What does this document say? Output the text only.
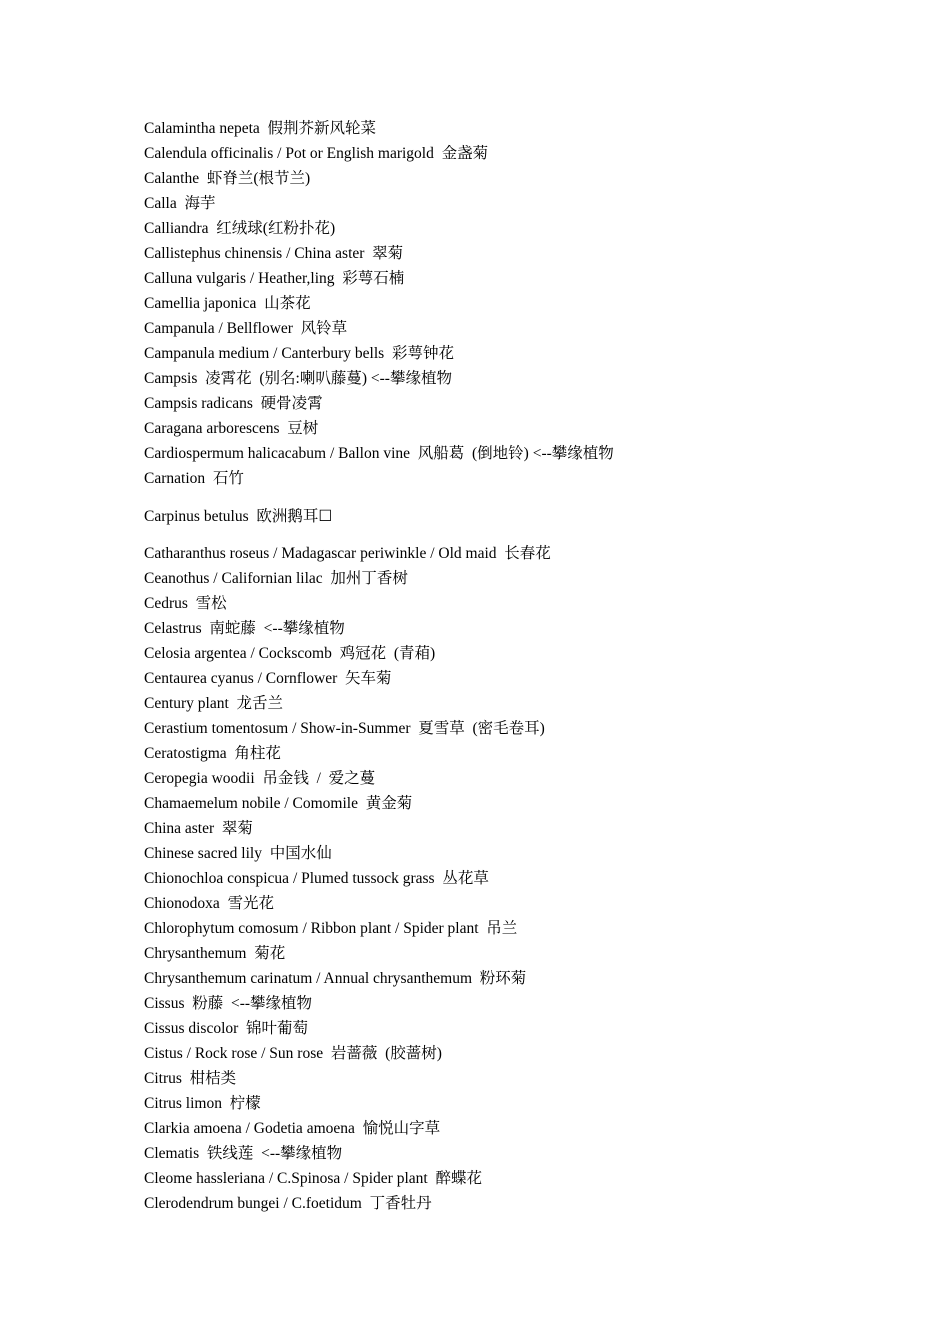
Calamintha nepeta  假荆芥新风轮菜
Calendula officinalis / Pot or English marigold  金盏菊
Calanthe  虾脊兰(根节兰)
Calla  海芋
Calliandra  红绒球(红粉扑花)
Callistephus chinensis / China aster  翠菊
Calluna vulgaris / Heather,ling  彩萼石楠
Camellia japonica  山茶花
Campanula / Bellflower  风铃草
Campanula medium / Canterbury bells  彩萼钟花
Campsis  凌霄花  (别名:喇叭藤蔓) <--攀缘植物
Campsis radicans  硬骨凌霄
Caragana arborescens  豆树
Cardiospermum halicacabum / Ballon vine  风船葛  (倒地铃) <--攀缘植物
Carnation  石竹
Carpinus betulus  欧洲鹅耳☐
Catharanthus roseus / Madagascar periwinkle / Old maid  长春花
Ceanothus / Californian lilac  加州丁香树
Cedrus  雪松
Celastrus  南蛇藤  <--攀缘植物
Celosia argentea / Cockscomb  鸡冠花  (青葙)
Centaurea cyanus / Cornflower  矢车菊
Century plant  龙舌兰
Cerastium tomentosum / Show-in-Summer  夏雪草  (密毛卷耳)
Ceratostigma  角柱花
Ceropegia woodii  吊金钱  /  爱之蔓
Chamaemelum nobile / Comomile  黄金菊
China aster  翠菊
Chinese sacred lily  中国水仙
Chionochloa conspicua / Plumed tussock grass  丛花草
Chionodoxa  雪光花
Chlorophytum comosum / Ribbon plant / Spider plant  吊兰
Chrysanthemum  菊花
Chrysanthemum carinatum / Annual chrysanthemum  粉环菊
Cissus  粉藤  <--攀缘植物
Cissus discolor  锦叶葡萄
Cistus / Rock rose / Sun rose  岩蔷薇  (胶蔷树)
Citrus  柑桔类
Citrus limon  柠檬
Clarkia amoena / Godetia amoena  愉悦山字草
Clematis  铁线莲  <--攀缘植物
Cleome hassleriana / C.Spinosa / Spider plant  醉蝶花
Clerodendrum bungei / C.foetidum  丁香牡丹
